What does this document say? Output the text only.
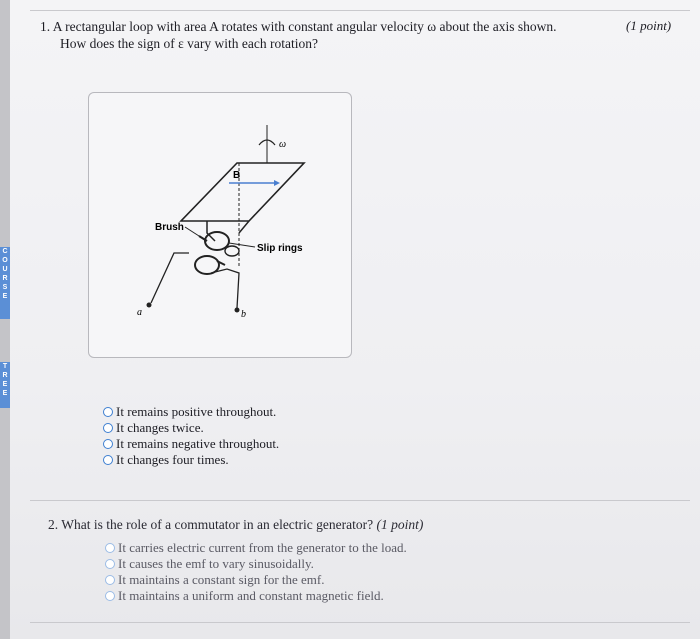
C
O
U
R
S
E
T
R
E
E
1. A rectangular loop with area A rotates with constant angular velocity ω about the axis shown.
How does the sign of ε vary with each rotation?
(1 point)
ω
B
Brush
Slip rings
a	b
It remains positive throughout.
It changes twice.
It remains negative throughout.
It changes four times.
2. What is the role of a commutator in an electric generator? (1 point)
It carries electric current from the generator to the load.
It causes the emf to vary sinusoidally.
It maintains a constant sign for the emf.
It maintains a uniform and constant magnetic field.
